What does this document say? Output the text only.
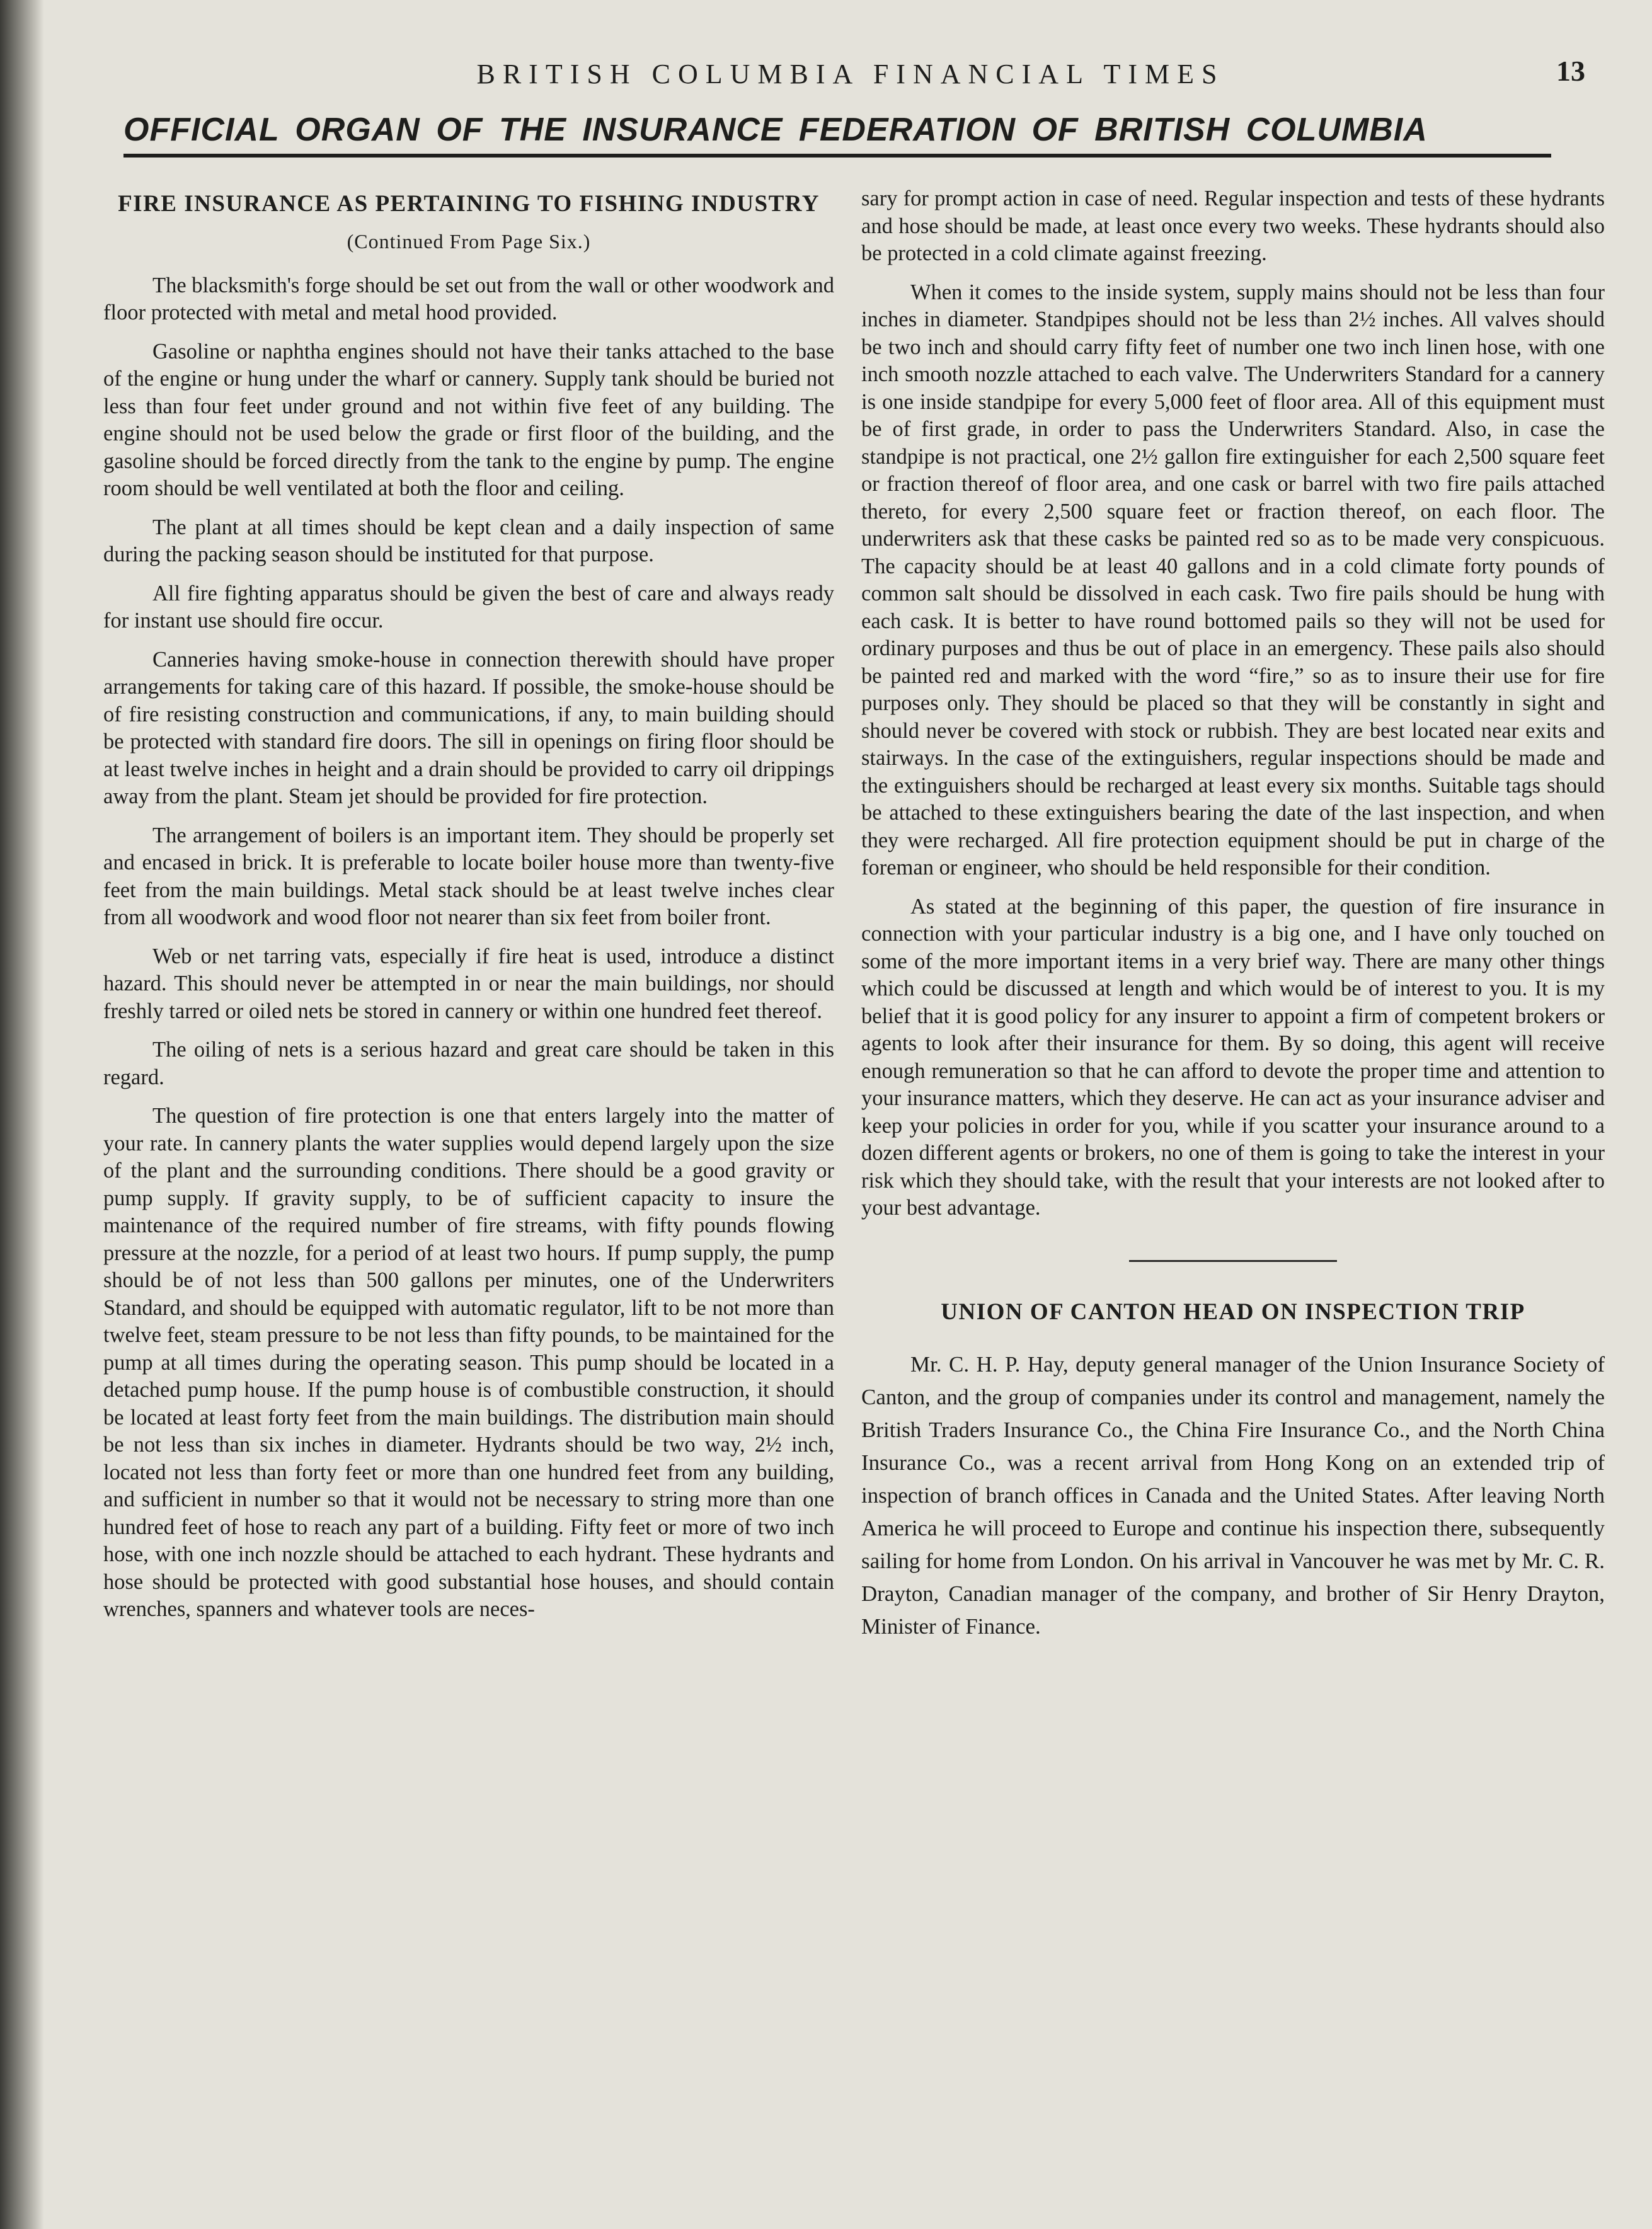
BRITISH COLUMBIA FINANCIAL TIMES	13
OFFICIAL ORGAN OF THE INSURANCE FEDERATION OF BRITISH COLUMBIA
FIRE INSURANCE AS PERTAINING TO FISHING INDUSTRY
(Continued From Page Six.)

The blacksmith's forge should be set out from the wall or other woodwork and floor protected with metal and metal hood provided.

Gasoline or naphtha engines should not have their tanks attached to the base of the engine or hung under the wharf or cannery. Supply tank should be buried not less than four feet under ground and not within five feet of any building. The engine should not be used below the grade or first floor of the building, and the gasoline should be forced directly from the tank to the engine by pump. The engine room should be well ventilated at both the floor and ceiling.

The plant at all times should be kept clean and a daily inspection of same during the packing season should be instituted for that purpose.

All fire fighting apparatus should be given the best of care and always ready for instant use should fire occur.

Canneries having smoke-house in connection therewith should have proper arrangements for taking care of this hazard. If possible, the smoke-house should be of fire resisting construction and communications, if any, to main building should be protected with standard fire doors. The sill in openings on firing floor should be at least twelve inches in height and a drain should be provided to carry oil drippings away from the plant. Steam jet should be provided for fire protection.

The arrangement of boilers is an important item. They should be properly set and encased in brick. It is preferable to locate boiler house more than twenty-five feet from the main buildings. Metal stack should be at least twelve inches clear from all woodwork and wood floor not nearer than six feet from boiler front.

Web or net tarring vats, especially if fire heat is used, introduce a distinct hazard. This should never be attempted in or near the main buildings, nor should freshly tarred or oiled nets be stored in cannery or within one hundred feet thereof.

The oiling of nets is a serious hazard and great care should be taken in this regard.

The question of fire protection is one that enters largely into the matter of your rate. In cannery plants the water supplies would depend largely upon the size of the plant and the surrounding conditions. There should be a good gravity or pump supply. If gravity supply, to be of sufficient capacity to insure the maintenance of the required number of fire streams, with fifty pounds flowing pressure at the nozzle, for a period of at least two hours. If pump supply, the pump should be of not less than 500 gallons per minutes, one of the Underwriters Standard, and should be equipped with automatic regulator, lift to be not more than twelve feet, steam pressure to be not less than fifty pounds, to be maintained for the pump at all times during the operating season. This pump should be located in a detached pump house. If the pump house is of combustible construction, it should be located at least forty feet from the main buildings. The distribution main should be not less than six inches in diameter. Hydrants should be two way, 2½ inch, located not less than forty feet or more than one hundred feet from any building, and sufficient in number so that it would not be necessary to string more than one hundred feet of hose to reach any part of a building. Fifty feet or more of two inch hose, with one inch nozzle should be attached to each hydrant. These hydrants and hose should be protected with good substantial hose houses, and should contain wrenches, spanners and whatever tools are neces-

sary for prompt action in case of need. Regular inspection and tests of these hydrants and hose should be made, at least once every two weeks. These hydrants should also be protected in a cold climate against freezing.

When it comes to the inside system, supply mains should not be less than four inches in diameter. Standpipes should not be less than 2½ inches. All valves should be two inch and should carry fifty feet of number one two inch linen hose, with one inch smooth nozzle attached to each valve. The Underwriters Standard for a cannery is one inside standpipe for every 5,000 feet of floor area. All of this equipment must be of first grade, in order to pass the Underwriters Standard. Also, in case the standpipe is not practical, one 2½ gallon fire extinguisher for each 2,500 square feet or fraction thereof of floor area, and one cask or barrel with two fire pails attached thereto, for every 2,500 square feet or fraction thereof, on each floor. The underwriters ask that these casks be painted red so as to be made very conspicuous. The capacity should be at least 40 gallons and in a cold climate forty pounds of common salt should be dissolved in each cask. Two fire pails should be hung with each cask. It is better to have round bottomed pails so they will not be used for ordinary purposes and thus be out of place in an emergency. These pails also should be painted red and marked with the word “fire,” so as to insure their use for fire purposes only. They should be placed so that they will be constantly in sight and should never be covered with stock or rubbish. They are best located near exits and stairways. In the case of the extinguishers, regular inspections should be made and the extinguishers should be recharged at least every six months. Suitable tags should be attached to these extinguishers bearing the date of the last inspection, and when they were recharged. All fire protection equipment should be put in charge of the foreman or engineer, who should be held responsible for their condition.

As stated at the beginning of this paper, the question of fire insurance in connection with your particular industry is a big one, and I have only touched on some of the more important items in a very brief way. There are many other things which could be discussed at length and which would be of interest to you. It is my belief that it is good policy for any insurer to appoint a firm of competent brokers or agents to look after their insurance for them. By so doing, this agent will receive enough remuneration so that he can afford to devote the proper time and attention to your insurance matters, which they deserve. He can act as your insurance adviser and keep your policies in order for you, while if you scatter your insurance around to a dozen different agents or brokers, no one of them is going to take the interest in your risk which they should take, with the result that your interests are not looked after to your best advantage.

UNION OF CANTON HEAD ON INSPECTION TRIP

Mr. C. H. P. Hay, deputy general manager of the Union Insurance Society of Canton, and the group of companies under its control and management, namely the British Traders Insurance Co., the China Fire Insurance Co., and the North China Insurance Co., was a recent arrival from Hong Kong on an extended trip of inspection of branch offices in Canada and the United States. After leaving North America he will proceed to Europe and continue his inspection there, subsequently sailing for home from London. On his arrival in Vancouver he was met by Mr. C. R. Drayton, Canadian manager of the company, and brother of Sir Henry Drayton, Minister of Finance.
